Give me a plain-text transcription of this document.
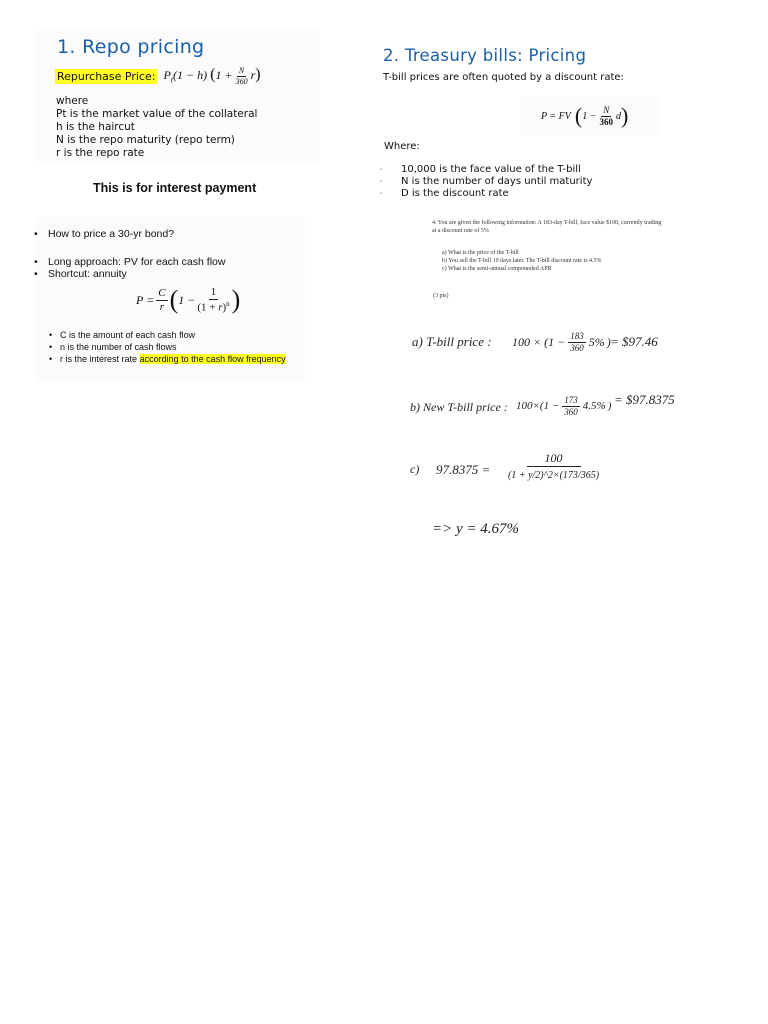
1. Repo pricing
Repurchase Price: $P_t(1 - h) (1 + \frac{N}{360} r)$
where
Pt is the market value of the collateral
h is the haircut
N is the repo maturity (repo term)
r is the repo rate
This is for interest payment
• How to price a 30-yr bond?
• Long approach: PV for each cash flow
• Shortcut: annuity
$P = \frac{C}{r}$ ( $1 - \frac{1}{(1 + r)^n}$ )
• C is the amount of each cash flow
• n is the number of cash flows
• r is the interest rate according to the cash flow frequency
2. Treasury bills: Pricing
T-bill prices are often quoted by a discount rate:
P = FV ( $1 - \frac{N}{360}$ d )
Where:
- 10,000 is the face value of the T-bill
- N is the number of days until maturity
- D is the discount rate
4. You are given the following information: A 183-day T-bill, face value $100, currently trading
at a discount rate of 5%
a) What is the price of the T-bill
b) You sell the T-bill 10 days later. The T-bill discount rate is 4.5%
c) What is the semi-annual compounded APR
(3 pts)
a) T-bill price : $100 \times (1 - \frac{183}{360} 5\%$ ) = $97.46
b) New T-bill price : $100\times(1 - \frac{173}{360} 4.5\%$ ) = $97.8375
c) $97.8375 = \frac{100}{(1 + y/2)\^{}2\times(173/365)}$
=> y = 4.67%
